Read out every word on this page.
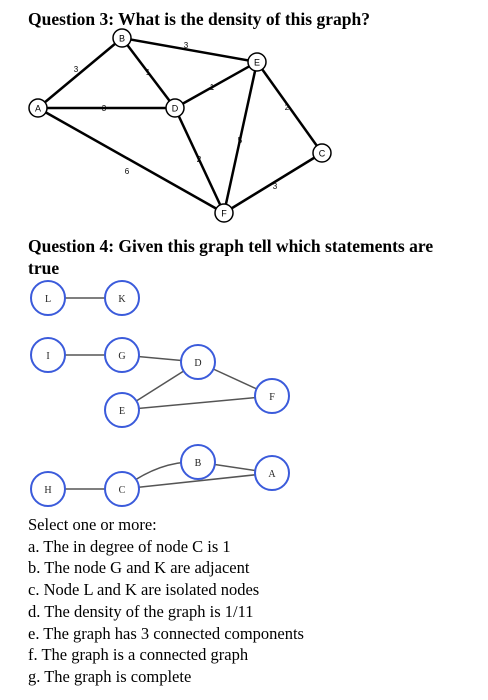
Question 3: What is the density of this graph?
3
3
1
3
1
6
2
5
2
3
A
B
D
E
C
F
Question 4: Given this graph tell which statements are true
L	K
I	G
D
E
F
B
A
H	C
Select one or more:
a. The in degree of node C is 1
b. The node G and K are adjacent
c. Node L and K are isolated nodes
d. The density of the graph is 1/11
e. The graph has 3 connected components
f. The graph is a connected graph
g. The graph is complete
